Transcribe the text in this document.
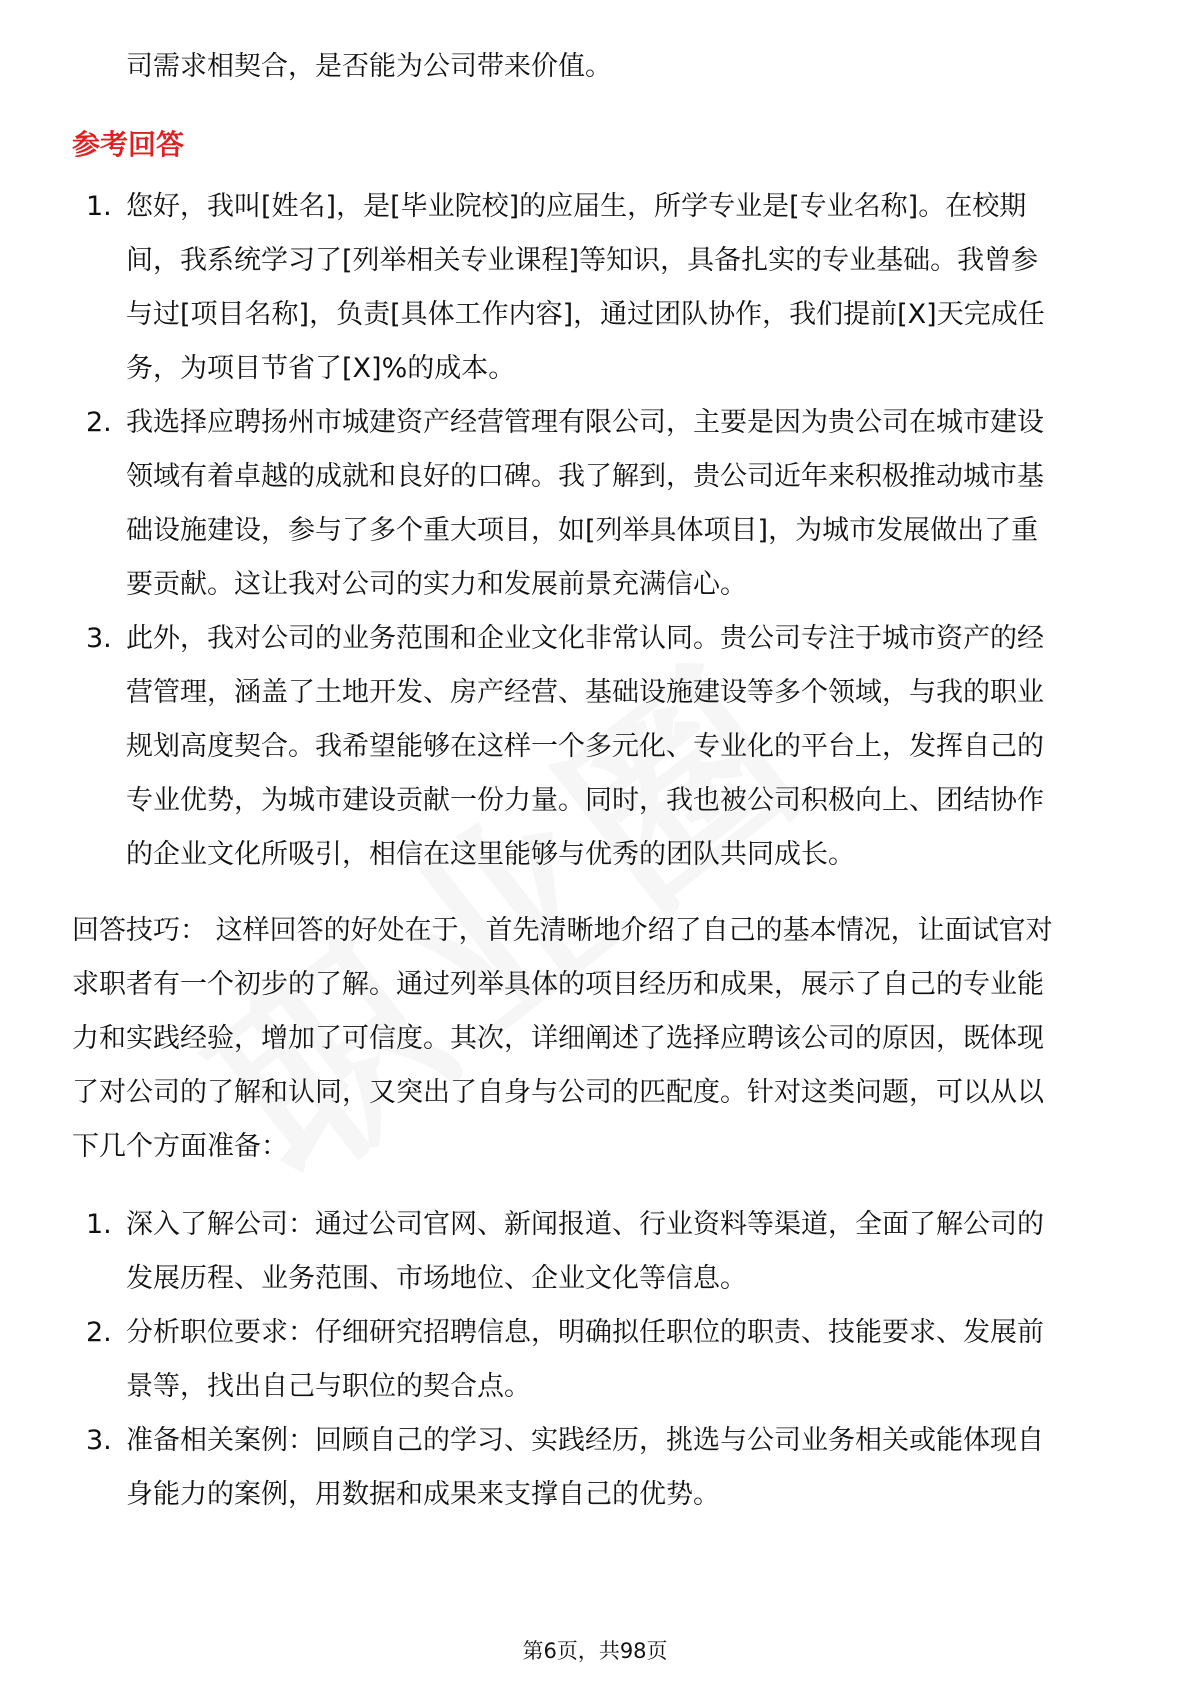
司需求相契合，是否能为公司带来价值。
参考回答
1. 您好，我叫[姓名]，是[毕业院校]的应届生，所学专业是[专业名称]。在校期
间，我系统学习了[列举相关专业课程]等知识，具备扎实的专业基础。我曾参
与过[项目名称]，负责[具体工作内容]，通过团队协作，我们提前[X]天完成任
务，为项目节省了[X]%的成本。
2. 我选择应聘扬州市城建资产经营管理有限公司，主要是因为贵公司在城市建设
领域有着卓越的成就和良好的口碑。我了解到，贵公司近年来积极推动城市基
础设施建设，参与了多个重大项目，如[列举具体项目]，为城市发展做出了重
要贡献。这让我对公司的实力和发展前景充满信心。
3. 此外，我对公司的业务范围和企业文化非常认同。贵公司专注于城市资产的经
营管理，涵盖了土地开发、房产经营、基础设施建设等多个领域，与我的职业
规划高度契合。我希望能够在这样一个多元化、专业化的平台上，发挥自己的
专业优势，为城市建设贡献一份力量。同时，我也被公司积极向上、团结协作
的企业文化所吸引，相信在这里能够与优秀的团队共同成长。
回答技巧： 这样回答的好处在于，首先清晰地介绍了自己的基本情况，让面试官对
求职者有一个初步的了解。通过列举具体的项目经历和成果，展示了自己的专业能
力和实践经验，增加了可信度。其次，详细阐述了选择应聘该公司的原因，既体现
了对公司的了解和认同，又突出了自身与公司的匹配度。针对这类问题，可以从以
下几个方面准备：
1. 深入了解公司：通过公司官网、新闻报道、行业资料等渠道，全面了解公司的
发展历程、业务范围、市场地位、企业文化等信息。
2. 分析职位要求：仔细研究招聘信息，明确拟任职位的职责、技能要求、发展前
景等，找出自己与职位的契合点。
3. 准备相关案例：回顾自己的学习、实践经历，挑选与公司业务相关或能体现自
身能力的案例，用数据和成果来支撑自己的优势。
第6页，共98页
